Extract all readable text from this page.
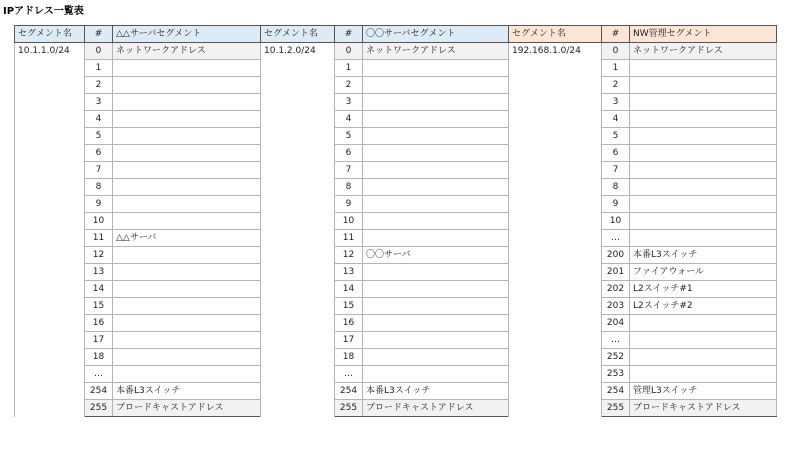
IPアドレス一覧表
セグメント名	#	△△サーバセグメント
10.1.1.0/24	0	ネットワークアドレス
	1	
	2	
	3	
	4	
	5	
	6	
	7	
	8	
	9	
	10	
	11	△△サーバ
	12	
	13	
	14	
	15	
	16	
	17	
	18	
	…	
	254	本番L3スイッチ
	255	ブロードキャストアドレス
セグメント名	#	〇〇サーバセグメント
10.1.2.0/24	0	ネットワークアドレス
	1	
	2	
	3	
	4	
	5	
	6	
	7	
	8	
	9	
	10	
	11	
	12	〇〇サーバ
	13	
	14	
	15	
	16	
	17	
	18	
	…	
	254	本番L3スイッチ
	255	ブロードキャストアドレス
セグメント名	#	NW管理セグメント
192.168.1.0/24	0	ネットワークアドレス
	1	
	2	
	3	
	4	
	5	
	6	
	7	
	8	
	9	
	10	
	…	
	200	本番L3スイッチ
	201	ファイアウォール
	202	L2スイッチ#1
	203	L2スイッチ#2
	204	
	…	
	252	
	253	
	254	管理L3スイッチ
	255	ブロードキャストアドレス
